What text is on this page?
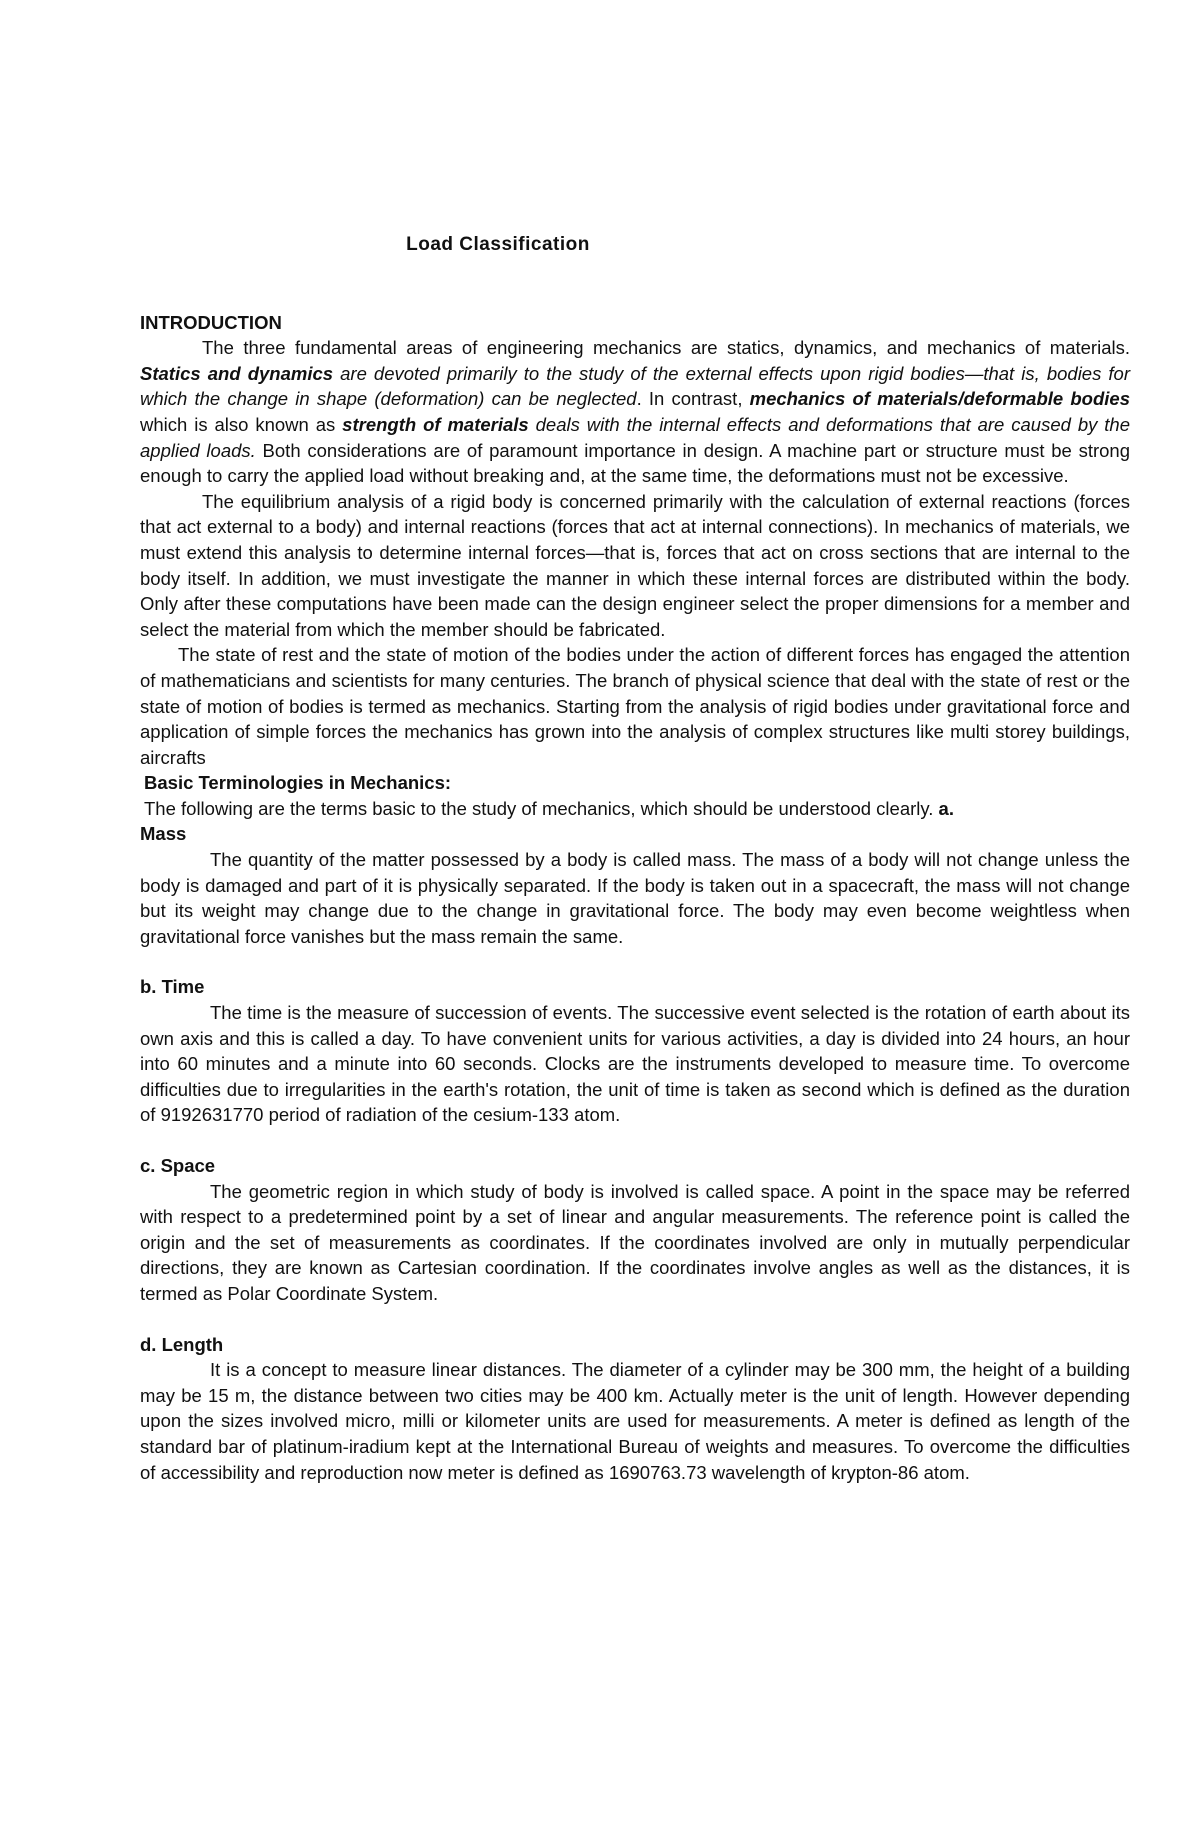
Load Classification
INTRODUCTION

The three fundamental areas of engineering mechanics are statics, dynamics, and mechanics of materials. Statics and dynamics are devoted primarily to the study of the external effects upon rigid bodies—that is, bodies for which the change in shape (deformation) can be neglected. In contrast, mechanics of materials/deformable bodies which is also known as strength of materials deals with the internal effects and deformations that are caused by the applied loads. Both considerations are of paramount importance in design. A machine part or structure must be strong enough to carry the applied load without breaking and, at the same time, the deformations must not be excessive.

The equilibrium analysis of a rigid body is concerned primarily with the calculation of external reactions (forces that act external to a body) and internal reactions (forces that act at internal connections). In mechanics of materials, we must extend this analysis to determine internal forces—that is, forces that act on cross sections that are internal to the body itself. In addition, we must investigate the manner in which these internal forces are distributed within the body. Only after these computations have been made can the design engineer select the proper dimensions for a member and select the material from which the member should be fabricated.

The state of rest and the state of motion of the bodies under the action of different forces has engaged the attention of mathematicians and scientists for many centuries. The branch of physical science that deal with the state of rest or the state of motion of bodies is termed as mechanics. Starting from the analysis of rigid bodies under gravitational force and application of simple forces the mechanics has grown into the analysis of complex structures like multi storey buildings, aircrafts

Basic Terminologies in Mechanics:

The following are the terms basic to the study of mechanics, which should be understood clearly. a.

Mass

The quantity of the matter possessed by a body is called mass. The mass of a body will not change unless the body is damaged and part of it is physically separated. If the body is taken out in a spacecraft, the mass will not change but its weight may change due to the change in gravitational force. The body may even become weightless when gravitational force vanishes but the mass remain the same.

b. Time

The time is the measure of succession of events. The successive event selected is the rotation of earth about its own axis and this is called a day. To have convenient units for various activities, a day is divided into 24 hours, an hour into 60 minutes and a minute into 60 seconds. Clocks are the instruments developed to measure time. To overcome difficulties due to irregularities in the earth's rotation, the unit of time is taken as second which is defined as the duration of 9192631770 period of radiation of the cesium-133 atom.

c. Space

The geometric region in which study of body is involved is called space. A point in the space may be referred with respect to a predetermined point by a set of linear and angular measurements. The reference point is called the origin and the set of measurements as coordinates. If the coordinates involved are only in mutually perpendicular directions, they are known as Cartesian coordination. If the coordinates involve angles as well as the distances, it is termed as Polar Coordinate System.

d. Length

It is a concept to measure linear distances. The diameter of a cylinder may be 300 mm, the height of a building may be 15 m, the distance between two cities may be 400 km. Actually meter is the unit of length. However depending upon the sizes involved micro, milli or kilometer units are used for measurements. A meter is defined as length of the standard bar of platinum-iradium kept at the International Bureau of weights and measures. To overcome the difficulties of accessibility and reproduction now meter is defined as 1690763.73 wavelength of krypton-86 atom.
